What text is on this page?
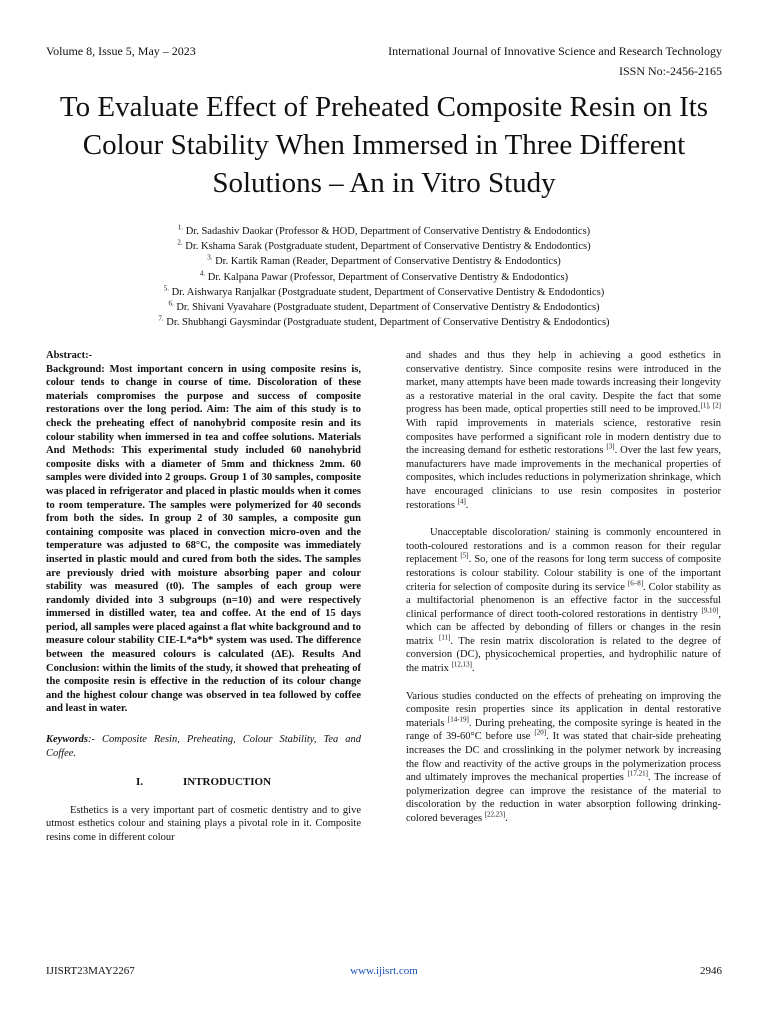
Volume 8, Issue 5, May – 2023	International Journal of Innovative Science and Research Technology
ISSN No:-2456-2165
To Evaluate Effect of Preheated Composite Resin on Its Colour Stability When Immersed in Three Different Solutions – An in Vitro Study
$^{1.}$ Dr. Sadashiv Daokar (Professor & HOD, Department of Conservative Dentistry & Endodontics)
$^{2.}$ Dr. Kshama Sarak (Postgraduate student, Department of Conservative Dentistry & Endodontics)
$^{3.}$ Dr. Kartik Raman (Reader, Department of Conservative Dentistry & Endodontics)
$^{4.}$ Dr. Kalpana Pawar (Professor, Department of Conservative Dentistry & Endodontics)
$^{5.}$ Dr. Aishwarya Ranjalkar (Postgraduate student, Department of Conservative Dentistry & Endodontics)
$^{6.}$ Dr. Shivani Vyavahare (Postgraduate student, Department of Conservative Dentistry & Endodontics)
$^{7.}$ Dr. Shubhangi Gaysmindar (Postgraduate student, Department of Conservative Dentistry & Endodontics)

Abstract:-

Background: Most important concern in using composite resins is, colour tends to change in course of time. Discoloration of these materials compromises the purpose and success of composite restorations over the long period. Aim: The aim of this study is to check the preheating effect of nanohybrid composite resin and its colour stability when immersed in tea and coffee solutions. Materials And Methods: This experimental study included 60 nanohybrid composite disks with a diameter of 5mm and thickness 2mm. 60 samples were divided into 2 groups. Group 1 of 30 samples, composite was placed in refrigerator and placed in plastic moulds when it comes to room temperature. The samples were polymerized for 40 seconds from both the sides. In group 2 of 30 samples, a composite gun containing composite was placed in convection micro-oven and the temperature was adjusted to 68°C, the composite was immediately inserted in plastic mould and cured from both the sides. The samples are previously dried with moisture absorbing paper and colour stability was measured (t0). The samples of each group were randomly divided into 3 subgroups (n=10) and were respectively immersed in distilled water, tea and coffee. At the end of 15 days period, all samples were placed against a flat white background and to measure colour stability CIE-L*a*b* system was used. The difference between the measured colours is calculated (∆E). Results And Conclusion: within the limits of the study, it showed that preheating of the composite resin is effective in the reduction of its colour change and the highest colour change was observed in tea followed by coffee and least in water.

Keywords:- Composite Resin, Preheating, Colour Stability, Tea and Coffee.

I.	INTRODUCTION

Esthetics is a very important part of cosmetic dentistry and to give utmost esthetics colour and staining plays a pivotal role in it. Composite resins come in different colour

and shades and thus they help in achieving a good esthetics in conservative dentistry. Since composite resins were introduced in the market, many attempts have been made towards increasing their longevity as a restorative material in the oral cavity. Despite the fact that some progress has been made, optical properties still need to be improved.[1], [2] With rapid improvements in materials science, restorative resin composites have performed a significant role in modern dentistry due to the increasing demand for esthetic restorations [3]. Over the last few years, manufacturers have made improvements in the mechanical properties of composites, which includes reductions in polymerization shrinkage, which have encouraged clinicians to use resin composites in posterior restorations [4].

Unacceptable discoloration/ staining is commonly encountered in tooth-coloured restorations and is a common reason for their regular replacement [5]. So, one of the reasons for long term success of composite restorations is colour stability. Colour stability is one of the important criteria for selection of composite during its service [6–8]. Color stability as a multifactorial phenomenon is an effective factor in the successful clinical performance of direct tooth-colored restorations in dentistry [9,10], which can be affected by debonding of fillers or changes in the resin matrix [11]. The resin matrix discoloration is related to the degree of conversion (DC), physicochemical properties, and hydrophilic nature of the matrix [12,13].

Various studies conducted on the effects of preheating on improving the composite resin properties since its application in dental restorative materials [14-19]. During preheating, the composite syringe is heated in the range of 39-60°C before use [20]. It was stated that chair-side preheating increases the DC and crosslinking in the polymer network by increasing the flow and reactivity of the active groups in the polymerization process and ultimately improves the mechanical properties [17,21]. The increase of polymerization degree can improve the resistance of the material to discoloration by the reduction in water absorption following drinking-colored beverages [22,23].

IJISRT23MAY2267	www.ijisrt.com	2946
